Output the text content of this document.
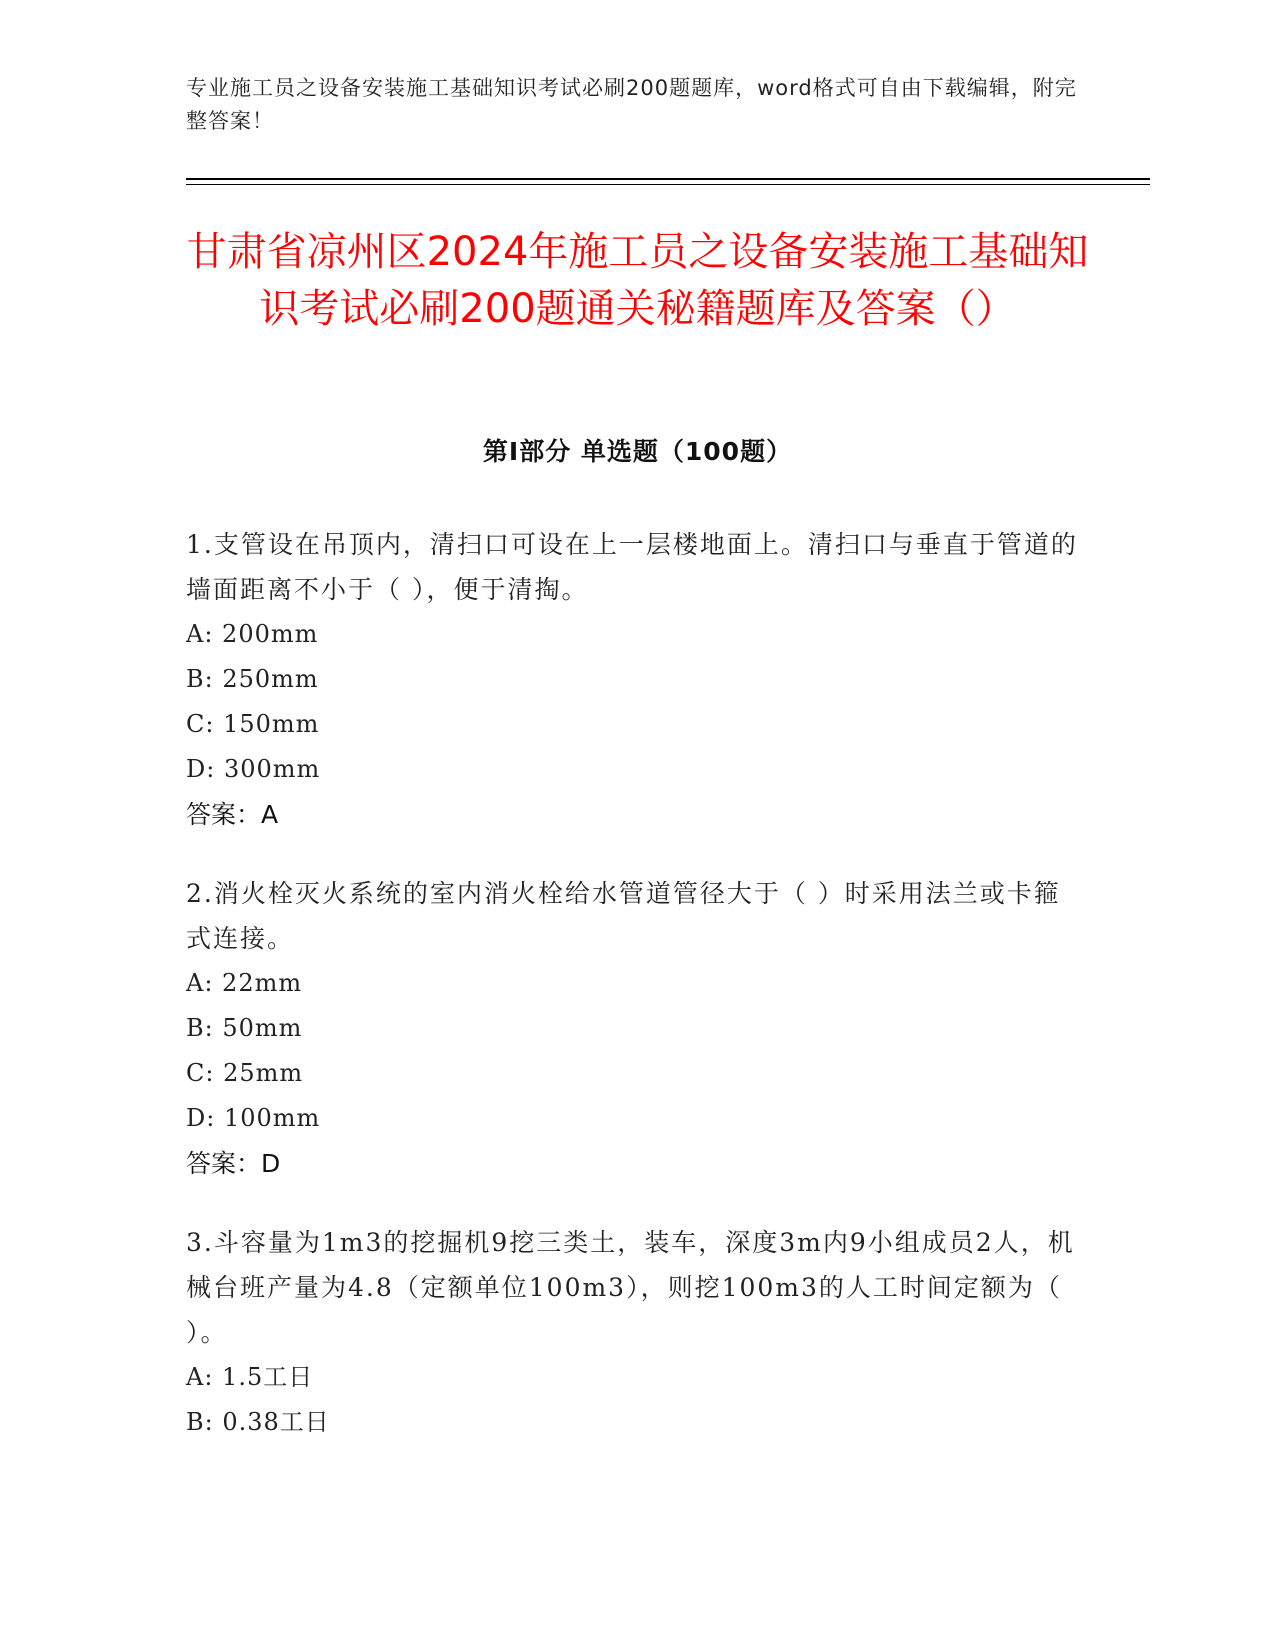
专业施工员之设备安装施工基础知识考试必刷200题题库，word格式可自由下载编辑，附完整答案！
甘肃省凉州区2024年施工员之设备安装施工基础知识考试必刷200题通关秘籍题库及答案（）
第I部分 单选题（100题）

1.支管设在吊顶内，清扫口可设在上一层楼地面上。清扫口与垂直于管道的墙面距离不小于（ ），便于清掏。

A: 200mm
B: 250mm
C: 150mm
D: 300mm
答案：A

2.消火栓灭火系统的室内消火栓给水管道管径大于（ ）时采用法兰或卡箍式连接。

A: 22mm
B: 50mm
C: 25mm
D: 100mm
答案：D

3.斗容量为1m3的挖掘机9挖三类土，装车，深度3m内9小组成员2人，机械台班产量为4.8（定额单位100m3），则挖100m3的人工时间定额为（ ）。

A: 1.5工日
B: 0.38工日
